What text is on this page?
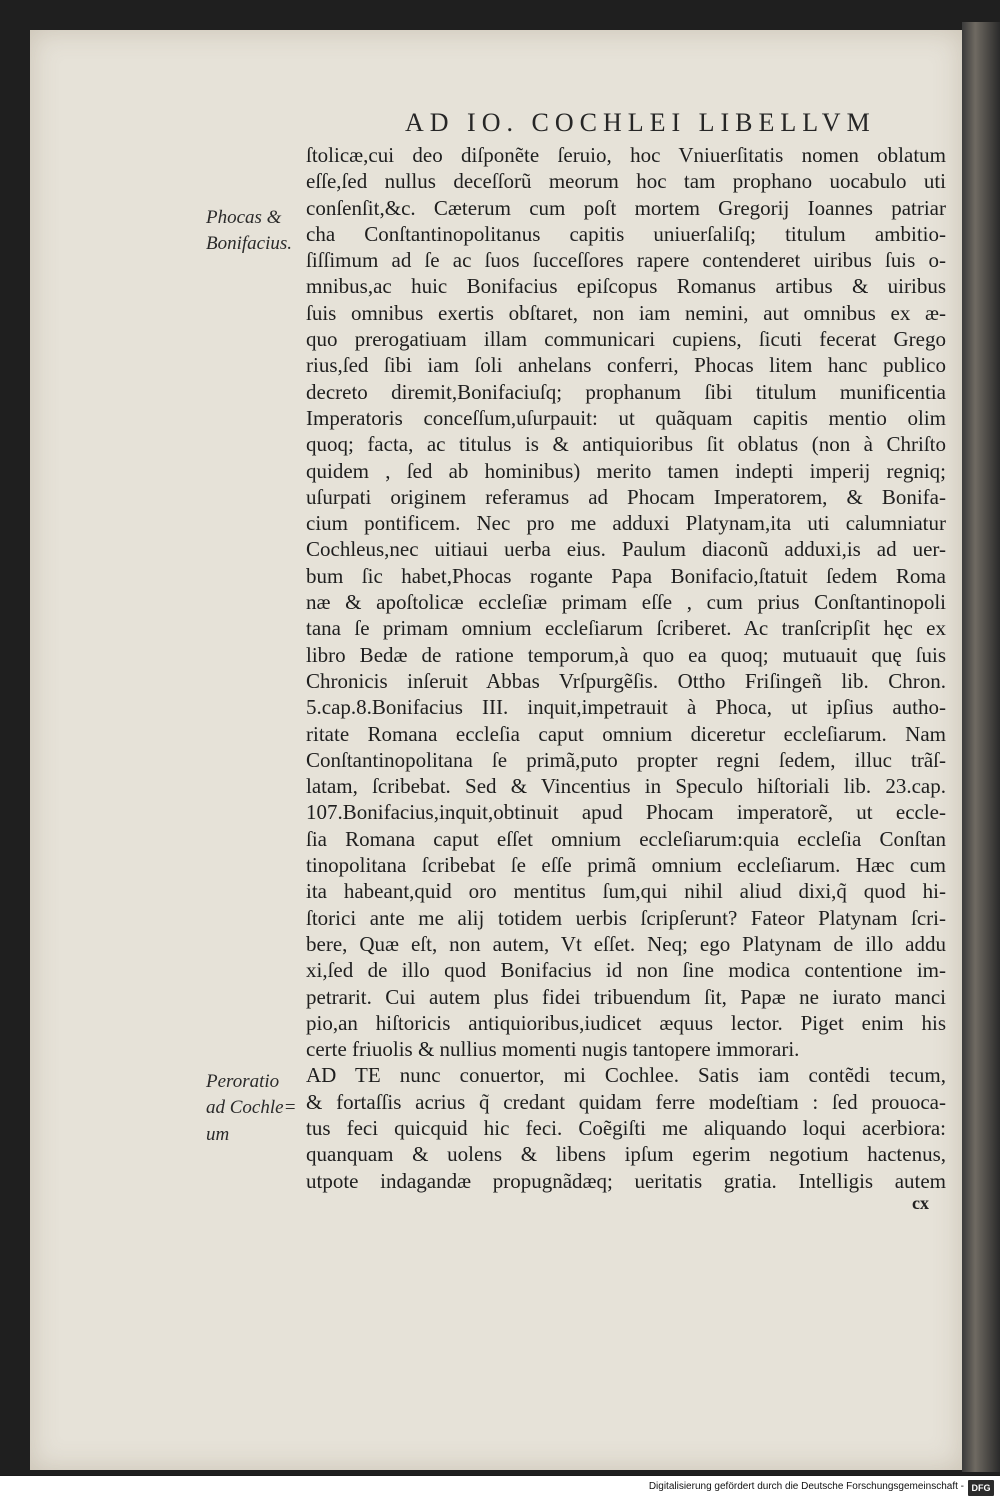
AD IO. COCHLEI LIBELLVM
Phocas &
Bonifacius.
Peroratio
ad Cochle=
um
ſtolicæ,cui deo diſponẽte ſeruio, hoc Vniuerſitatis nomen oblatum
eſſe,ſed nullus deceſſorũ meorum hoc tam prophano uocabulo uti
conſenſit,&c. Cæterum cum poſt mortem Gregorij Ioannes patriar
cha Conſtantinopolitanus capitis uniuerſaliſq; titulum ambitio-
ſiſſimum ad ſe ac ſuos ſucceſſores rapere contenderet uiribus ſuis o-
mnibus,ac huic Bonifacius epiſcopus Romanus artibus & uiribus
ſuis omnibus exertis obſtaret, non iam nemini, aut omnibus ex æ-
quo prerogatiuam illam communicari cupiens, ſicuti fecerat Grego
rius,ſed ſibi iam ſoli anhelans conferri, Phocas litem hanc publico
decreto diremit,Bonifaciuſq; prophanum ſibi titulum munificentia
Imperatoris conceſſum,uſurpauit: ut quãquam capitis mentio olim
quoq; facta, ac titulus is & antiquioribus ſit oblatus (non à Chriſto
quidem , ſed ab hominibus) merito tamen indepti imperij regniq;
uſurpati originem referamus ad Phocam Imperatorem, & Bonifa-
cium pontificem. Nec pro me adduxi Platynam,ita uti calumniatur
Cochleus,nec uitiaui uerba eius. Paulum diaconũ adduxi,is ad uer-
bum ſic habet,Phocas rogante Papa Bonifacio,ſtatuit ſedem Roma
næ & apoſtolicæ eccleſiæ primam eſſe , cum prius Conſtantinopoli
tana ſe primam omnium eccleſiarum ſcriberet. Ac tranſcripſit hęc ex
libro Bedæ de ratione temporum,à quo ea quoq; mutuauit quę ſuis
Chronicis inſeruit Abbas Vrſpurgẽſis. Ottho Friſingeñ lib. Chron.
5.cap.8.Bonifacius III. inquit,impetrauit à Phoca, ut ipſius autho-
ritate Romana eccleſia caput omnium diceretur eccleſiarum. Nam
Conſtantinopolitana ſe primã,puto propter regni ſedem, illuc trãſ-
latam, ſcribebat. Sed & Vincentius in Speculo hiſtoriali lib. 23.cap.
107.Bonifacius,inquit,obtinuit apud Phocam imperatorẽ, ut eccle-
ſia Romana caput eſſet omnium eccleſiarum:quia eccleſia Conſtan
tinopolitana ſcribebat ſe eſſe primã omnium eccleſiarum. Hæc cum
ita habeant,quid oro mentitus ſum,qui nihil aliud dixi,q̃ quod hi-
ſtorici ante me alij totidem uerbis ſcripſerunt? Fateor Platynam ſcri-
bere, Quæ eſt, non autem, Vt eſſet. Neq; ego Platynam de illo addu
xi,ſed de illo quod Bonifacius id non ſine modica contentione im-
petrarit. Cui autem plus fidei tribuendum ſit, Papæ ne iurato manci
pio,an hiſtoricis antiquioribus,iudicet æquus lector. Piget enim his
certe friuolis & nullius momenti nugis tantopere immorari.
AD TE nunc conuertor, mi Cochlee. Satis iam contẽdi tecum,
& fortaſſis acrius q̃ credant quidam ferre modeſtiam : ſed prouoca-
tus feci quicquid hic feci. Coẽgiſti me aliquando loqui acerbiora:
quanquam & uolens & libens ipſum egerim negotium hactenus,
utpote indagandæ propugnãdæq; ueritatis gratia. Intelligis autem
cx
Digitalisierung gefördert durch die Deutsche Forschungsgemeinschaft - DFG
